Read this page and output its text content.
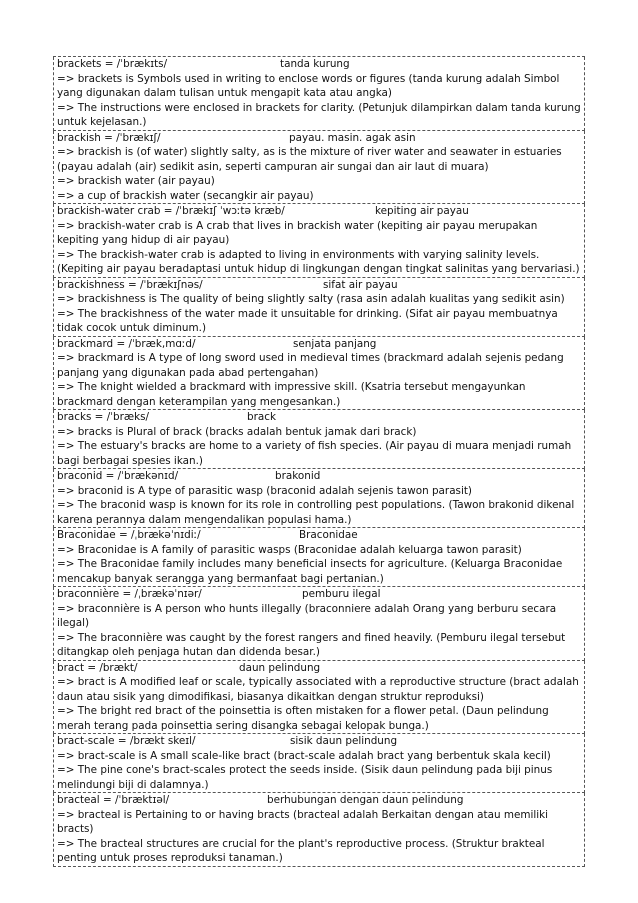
brackets = /ˈbrækɪts/	tanda kurung
=> brackets is Symbols used in writing to enclose words or figures (tanda kurung adalah Simbol yang digunakan dalam tulisan untuk mengapit kata atau angka)
=> The instructions were enclosed in brackets for clarity. (Petunjuk dilampirkan dalam tanda kurung untuk kejelasan.)
brackish = /ˈbrækɪʃ/	payau. masin. agak asin
=> brackish is (of water) slightly salty, as is the mixture of river water and seawater in estuaries (payau adalah (air) sedikit asin, seperti campuran air sungai dan air laut di muara)
=> brackish water (air payau)
=> a cup of brackish water (secangkir air payau)
brackish-water crab = /ˈbrækɪʃ ˈwɔːtə kræb/	kepiting air payau
=> brackish-water crab is A crab that lives in brackish water (kepiting air payau merupakan kepiting yang hidup di air payau)
=> The brackish-water crab is adapted to living in environments with varying salinity levels. (Kepiting air payau beradaptasi untuk hidup di lingkungan dengan tingkat salinitas yang bervariasi.)
brackishness = /ˈbrækɪʃnəs/	sifat air payau
=> brackishness is The quality of being slightly salty (rasa asin adalah kualitas yang sedikit asin)
=> The brackishness of the water made it unsuitable for drinking. (Sifat air payau membuatnya tidak cocok untuk diminum.)
brackmard = /ˈbræk,mɑːd/	senjata panjang
=> brackmard is A type of long sword used in medieval times (brackmard adalah sejenis pedang panjang yang digunakan pada abad pertengahan)
=> The knight wielded a brackmard with impressive skill. (Ksatria tersebut mengayunkan brackmard dengan keterampilan yang mengesankan.)
bracks = /ˈbræks/	brack
=> bracks is Plural of brack (bracks adalah bentuk jamak dari brack)
=> The estuary's bracks are home to a variety of fish species. (Air payau di muara menjadi rumah bagi berbagai spesies ikan.)
braconid = /ˈbrækənɪd/	brakonid
=> braconid is A type of parasitic wasp (braconid adalah sejenis tawon parasit)
=> The braconid wasp is known for its role in controlling pest populations. (Tawon brakonid dikenal karena perannya dalam mengendalikan populasi hama.)
Braconidae = /ˌbrækəˈnɪdiː/	Braconidae
=> Braconidae is A family of parasitic wasps (Braconidae adalah keluarga tawon parasit)
=> The Braconidae family includes many beneficial insects for agriculture. (Keluarga Braconidae mencakup banyak serangga yang bermanfaat bagi pertanian.)
braconnière = /ˌbrækəˈnɪər/	pemburu ilegal
=> braconnière is A person who hunts illegally (braconniere adalah Orang yang berburu secara ilegal)
=> The braconnière was caught by the forest rangers and fined heavily. (Pemburu ilegal tersebut ditangkap oleh penjaga hutan dan didenda besar.)
bract = /brækt/	daun pelindung
=> bract is A modified leaf or scale, typically associated with a reproductive structure (bract adalah daun atau sisik yang dimodifikasi, biasanya dikaitkan dengan struktur reproduksi)
=> The bright red bract of the poinsettia is often mistaken for a flower petal. (Daun pelindung merah terang pada poinsettia sering disangka sebagai kelopak bunga.)
bract-scale = /brækt skeɪl/	sisik daun pelindung
=> bract-scale is A small scale-like bract (bract-scale adalah bract yang berbentuk skala kecil)
=> The pine cone's bract-scales protect the seeds inside. (Sisik daun pelindung pada biji pinus melindungi biji di dalamnya.)
bracteal = /ˈbræktɪəl/	berhubungan dengan daun pelindung
=> bracteal is Pertaining to or having bracts (bracteal adalah Berkaitan dengan atau memiliki bracts)
=> The bracteal structures are crucial for the plant's reproductive process. (Struktur brakteal penting untuk proses reproduksi tanaman.)
